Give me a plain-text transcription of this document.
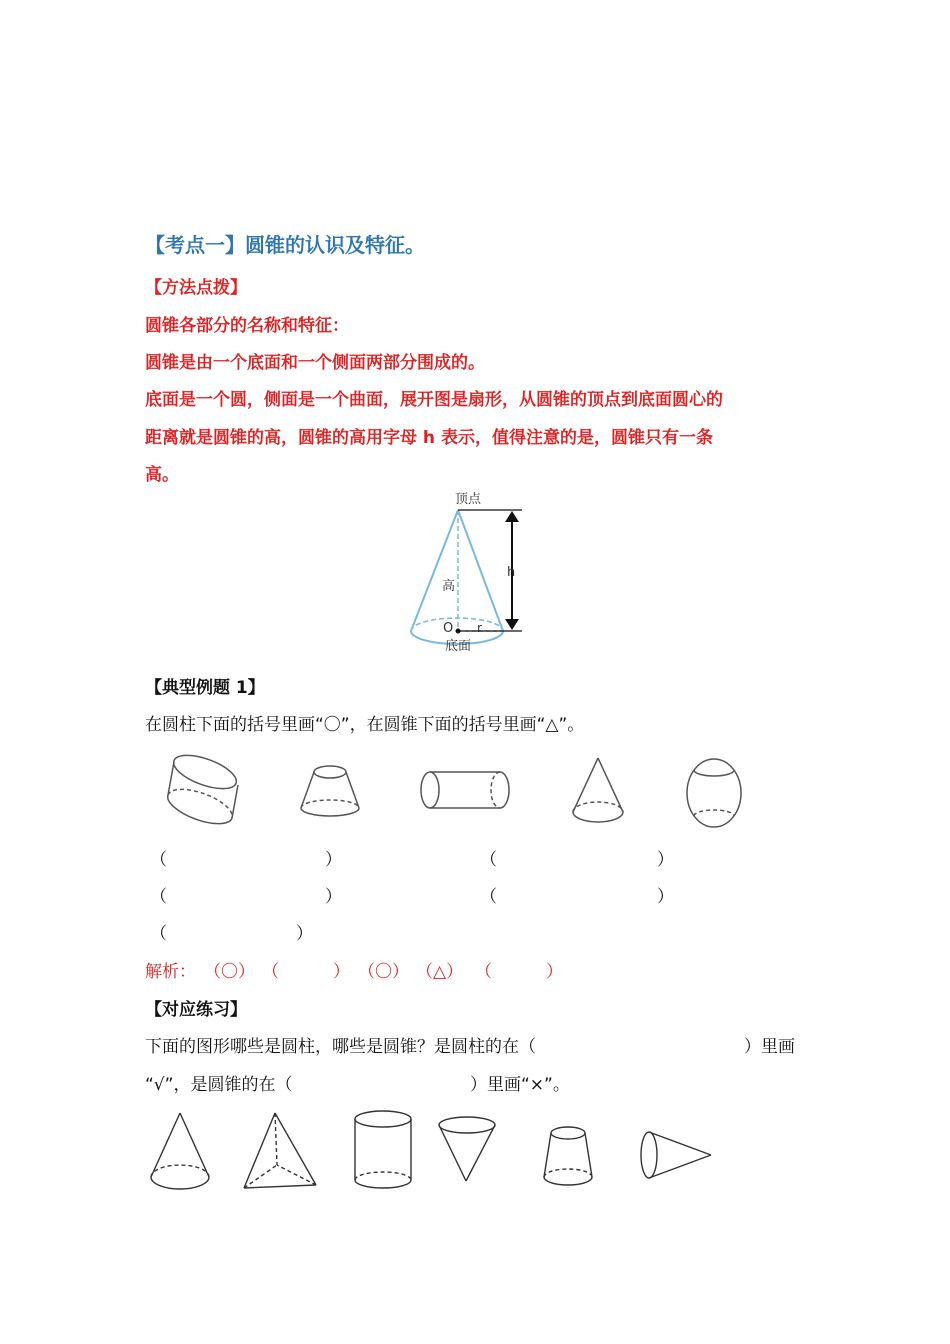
【考点一】圆锥的认识及特征。
【方法点拨】
圆锥各部分的名称和特征：
圆锥是由一个底面和一个侧面两部分围成的。
底面是一个圆，侧面是一个曲面，展开图是扇形，从圆锥的顶点到底面圆心的
距离就是圆锥的高，圆锥的高用字母 h 表示，值得注意的是，圆锥只有一条
高。
顶点
高
O r
底面
h
【典型例题 1】
在圆柱下面的括号里画“〇”，在圆锥下面的括号里画“△”。
（	）	（	）
（	）	（	）
（	）
解析： （〇） （	） （〇） （△） （	）
【对应练习】
下面的图形哪些是圆柱，哪些是圆锥？是圆柱的在（	）里画
“√”，是圆锥的在（	）里画“×”。
